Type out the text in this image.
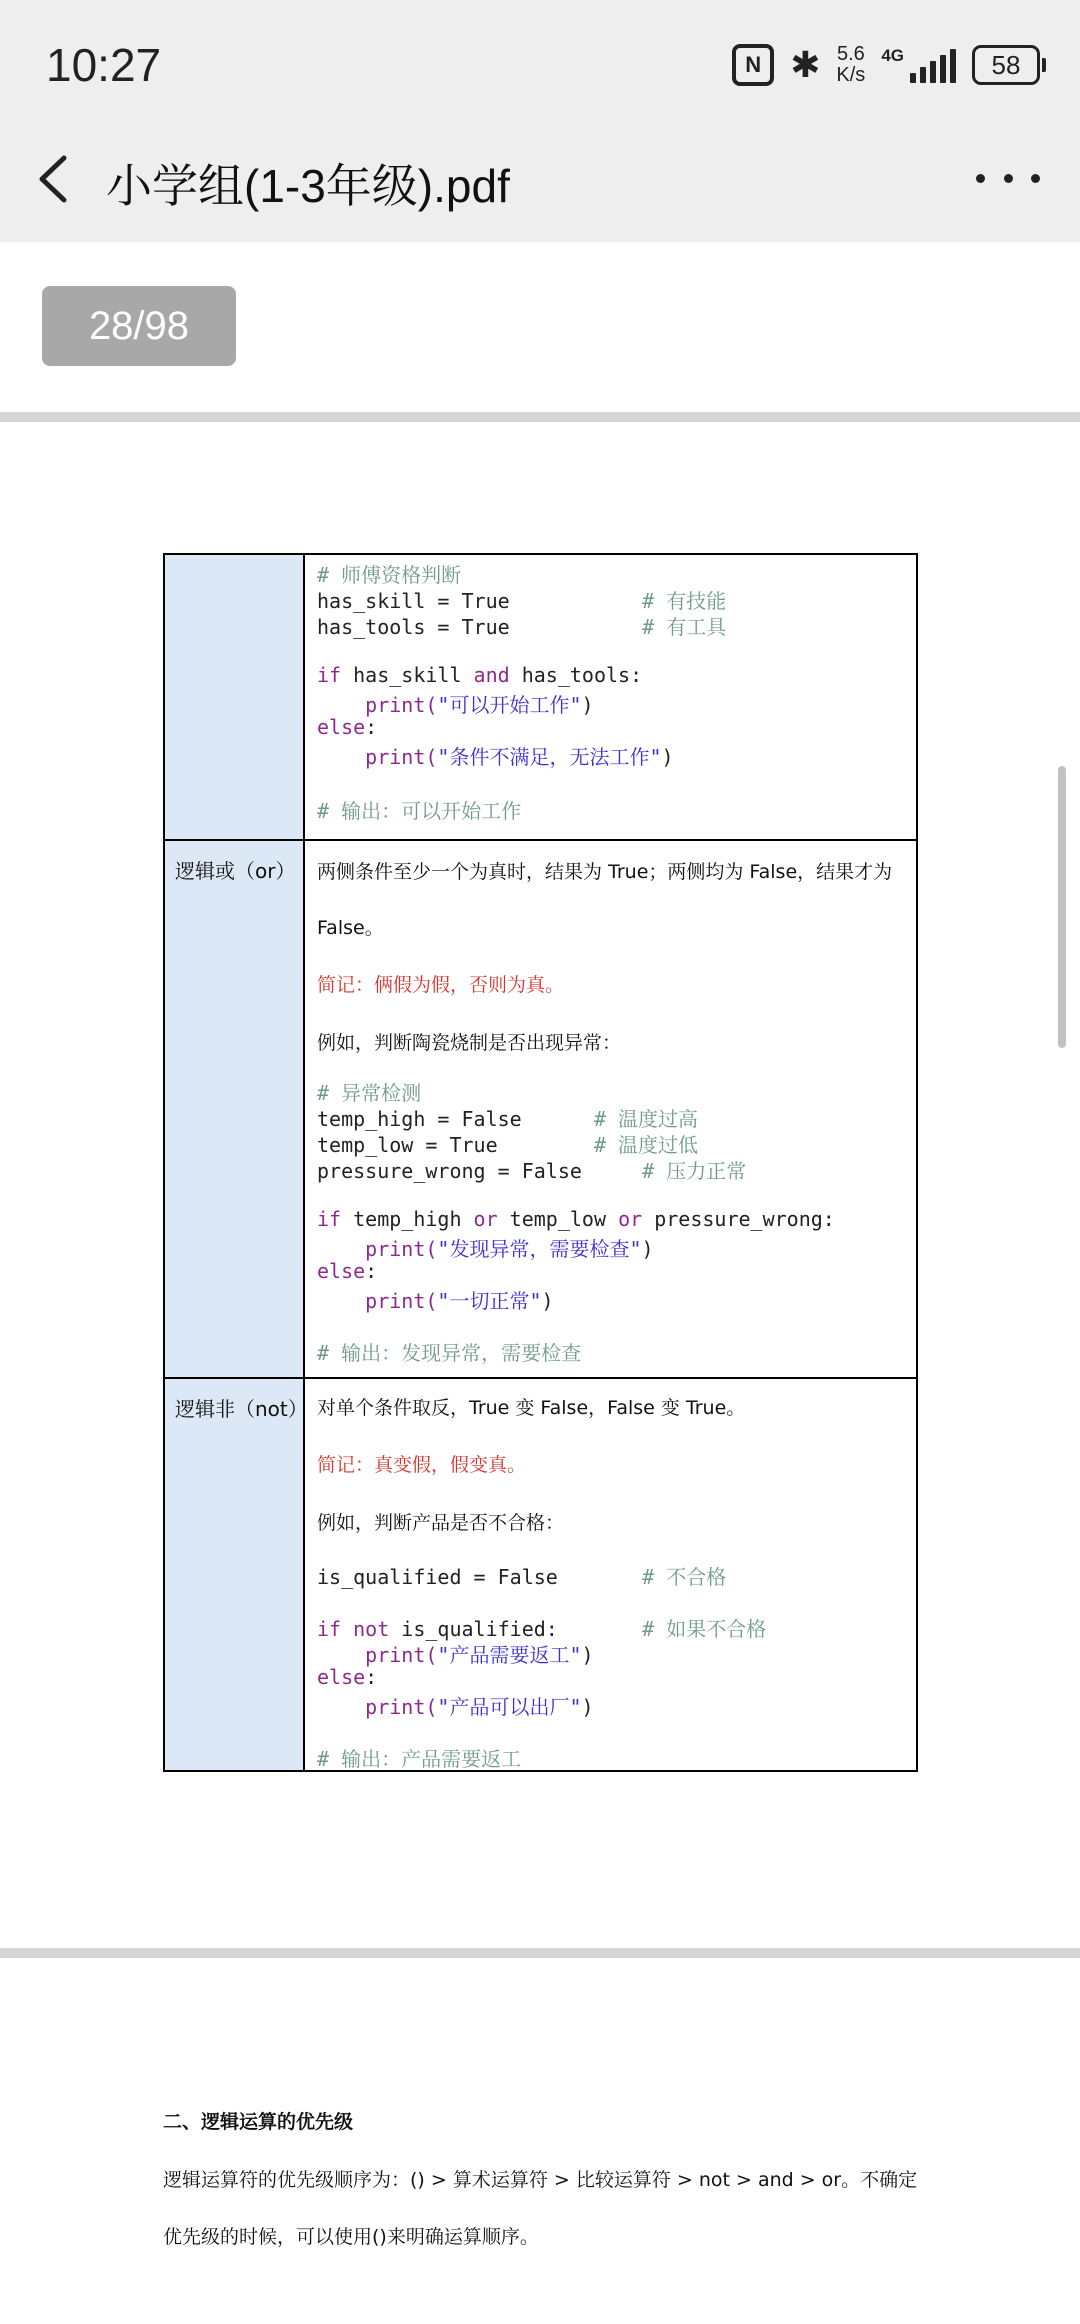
10:27	N ✱ 5.6
K/s
4G	58
小学组(1-3年级).pdf
28/98
# 师傅资格判断
has_skill = True           # 有技能
has_tools = True           # 有工具
if has_skill and has_tools:
print("可以开始工作")
else:
print("条件不满足，无法工作")
# 输出：可以开始工作
逻辑或（or） 两侧条件至少一个为真时，结果为 True；两侧均为 False，结果才为
False。
简记：俩假为假，否则为真。
例如，判断陶瓷烧制是否出现异常：
# 异常检测
temp_high = False      # 温度过高
temp_low = True        # 温度过低
pressure_wrong = False     # 压力正常
if temp_high or temp_low or pressure_wrong:
print("发现异常，需要检查")
else:
print("一切正常")
# 输出：发现异常，需要检查
逻辑非（not） 对单个条件取反，True 变 False，False 变 True。
简记：真变假，假变真。
例如，判断产品是否不合格：
is_qualified = False       # 不合格
if not is_qualified:       # 如果不合格
print("产品需要返工")
else:
print("产品可以出厂")
# 输出：产品需要返工
二、逻辑运算的优先级
逻辑运算符的优先级顺序为：() > 算术运算符 > 比较运算符 > not > and > or。不确定
优先级的时候，可以使用()来明确运算顺序。
